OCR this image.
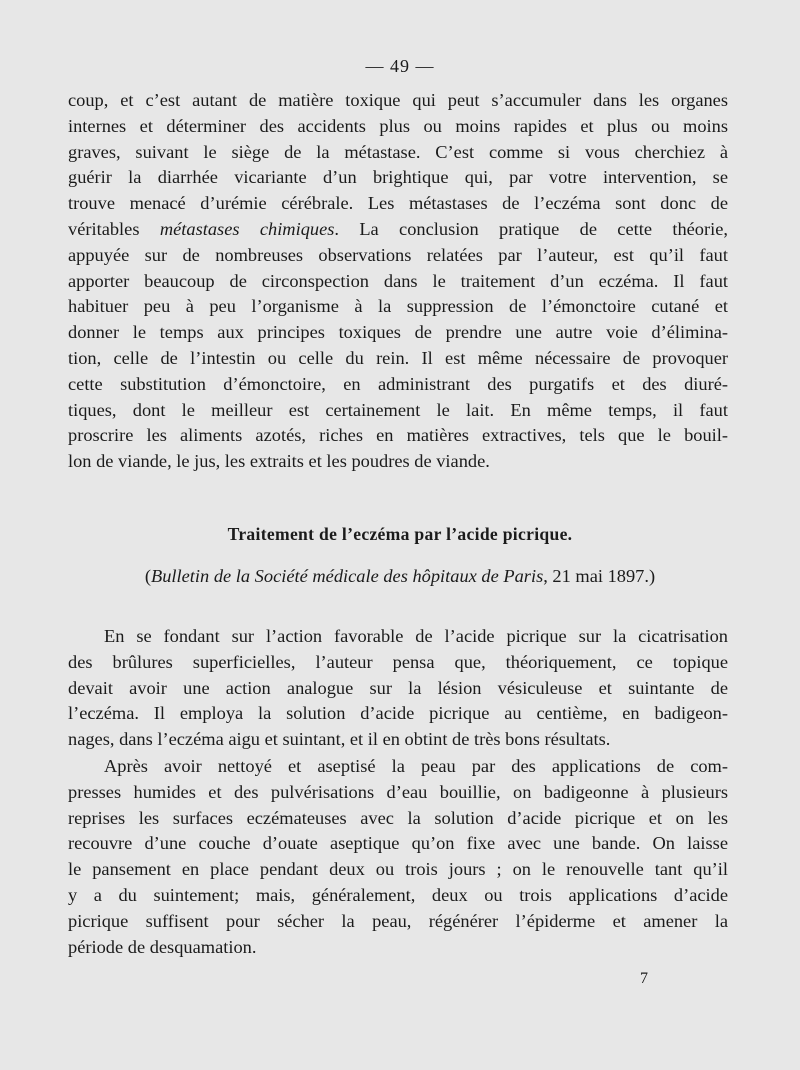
— 49 —
coup, et c’est autant de matière toxique qui peut s’accumuler dans les organes
internes et déterminer des accidents plus ou moins rapides et plus ou moins
graves, suivant le siège de la métastase. C’est comme si vous cherchiez à
guérir la diarrhée vicariante d’un brightique qui, par votre intervention, se
trouve menacé d’urémie cérébrale. Les métastases de l’eczéma sont donc de
véritables métastases chimiques. La conclusion pratique de cette théorie,
appuyée sur de nombreuses observations relatées par l’auteur, est qu’il faut
apporter beaucoup de circonspection dans le traitement d’un eczéma. Il faut
habituer peu à peu l’organisme à la suppression de l’émonctoire cutané et
donner le temps aux principes toxiques de prendre une autre voie d’élimina-
tion, celle de l’intestin ou celle du rein. Il est même nécessaire de provoquer
cette substitution d’émonctoire, en administrant des purgatifs et des diuré-
tiques, dont le meilleur est certainement le lait. En même temps, il faut
proscrire les aliments azotés, riches en matières extractives, tels que le bouil-
lon de viande, le jus, les extraits et les poudres de viande.
Traitement de l’eczéma par l’acide picrique.
(Bulletin de la Société médicale des hôpitaux de Paris, 21 mai 1897.)
En se fondant sur l’action favorable de l’acide picrique sur la cicatrisation
des brûlures superficielles, l’auteur pensa que, théoriquement, ce topique
devait avoir une action analogue sur la lésion vésiculeuse et suintante de
l’eczéma. Il employa la solution d’acide picrique au centième, en badigeon-
nages, dans l’eczéma aigu et suintant, et il en obtint de très bons résultats.
Après avoir nettoyé et aseptisé la peau par des applications de com-
presses humides et des pulvérisations d’eau bouillie, on badigeonne à plusieurs
reprises les surfaces eczémateuses avec la solution d’acide picrique et on les
recouvre d’une couche d’ouate aseptique qu’on fixe avec une bande. On laisse
le pansement en place pendant deux ou trois jours ; on le renouvelle tant qu’il
y a du suintement; mais, généralement, deux ou trois applications d’acide
picrique suffisent pour sécher la peau, régénérer l’épiderme et amener la
période de desquamation.
7
